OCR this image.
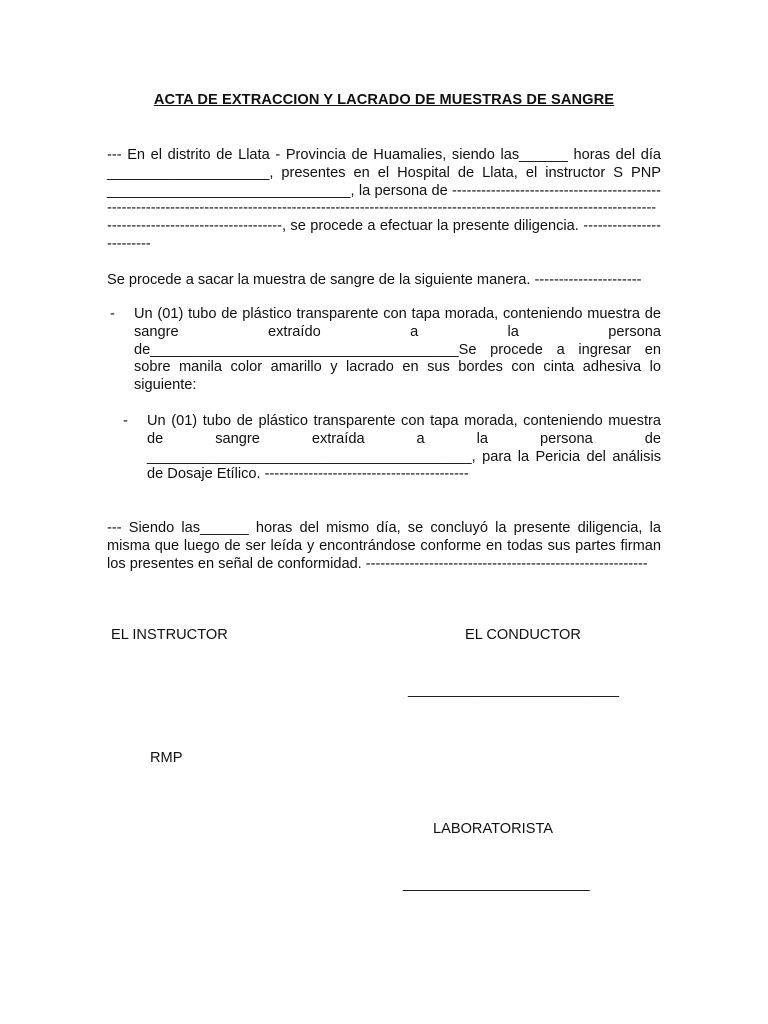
ACTA DE EXTRACCION Y LACRADO DE MUESTRAS DE SANGRE
--- En el distrito de Llata - Provincia de Huamalies, siendo las______ horas del día ____________________, presentes en el Hospital de Llata, el instructor S PNP ______________________________, la persona de ------------------------------------------------------------------------------------------------------------------------------------------------------------------------------------------------, se procede a efectuar la presente diligencia. -------------------------
Se procede a sacar la muestra de sangre de la siguiente manera. ----------------------
- Un (01) tubo de plástico transparente con tapa morada, conteniendo muestra de sangre extraído a la persona de______________________________________Se procede a ingresar en sobre manila color amarillo y lacrado en sus bordes con cinta adhesiva lo siguiente:
- Un (01) tubo de plástico transparente con tapa morada, conteniendo muestra de sangre extraída a la persona de ________________________________________, para la Pericia del análisis de Dosaje Etílico. ------------------------------------------
--- Siendo las______ horas del mismo día, se concluyó la presente diligencia, la misma que luego de ser leída y encontrándose conforme en todas sus partes firman los presentes en señal de conformidad. ----------------------------------------------------------
EL INSTRUCTOR	EL CONDUCTOR
__________________________
RMP
LABORATORISTA
_______________________
